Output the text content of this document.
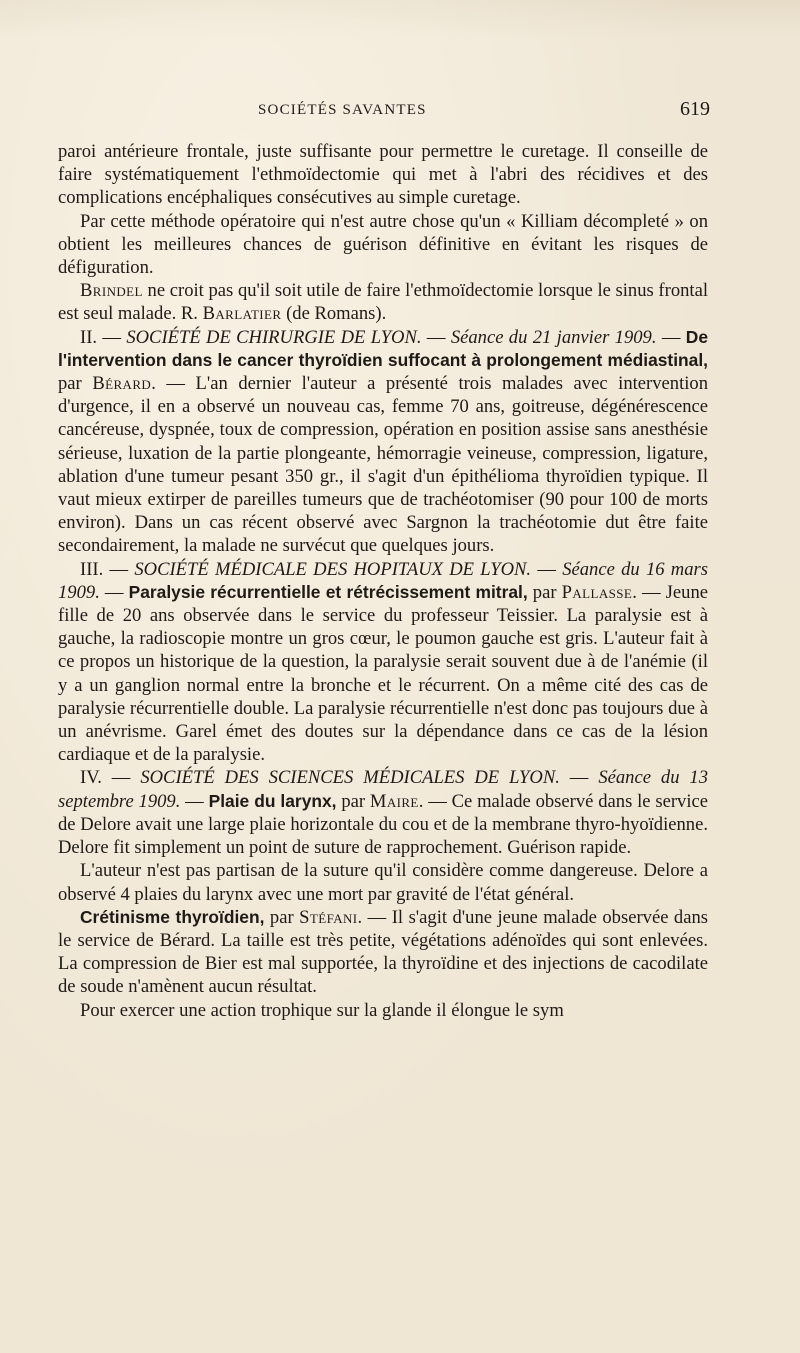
SOCIÉTÉS SAVANTES	619

paroi antérieure frontale, juste suffisante pour permettre le curetage. Il conseille de faire systématiquement l'ethmoïdectomie qui met à l'abri des récidives et des complications encéphaliques consécutives au simple curetage.

Par cette méthode opératoire qui n'est autre chose qu'un « Killiam décompleté » on obtient les meilleures chances de guérison définitive en évitant les risques de défiguration.

Brindel ne croit pas qu'il soit utile de faire l'ethmoïdectomie lorsque le sinus frontal est seul malade. R. Barlatier (de Romans).

II. — SOCIÉTÉ DE CHIRURGIE DE LYON. — Séance du 21 janvier 1909. — De l'intervention dans le cancer thyroïdien suffocant à prolongement médiastinal, par Bérard. — L'an dernier l'auteur a présenté trois malades avec intervention d'urgence, il en a observé un nouveau cas, femme 70 ans, goitreuse, dégénérescence cancéreuse, dyspnée, toux de compression, opération en position assise sans anesthésie sérieuse, luxation de la partie plongeante, hémorragie veineuse, compression, ligature, ablation d'une tumeur pesant 350 gr., il s'agit d'un épithélioma thyroïdien typique. Il vaut mieux extirper de pareilles tumeurs que de trachéotomiser (90 pour 100 de morts environ). Dans un cas récent observé avec Sargnon la trachéotomie dut être faite secondairement, la malade ne survécut que quelques jours.

III. — SOCIÉTÉ MÉDICALE DES HOPITAUX DE LYON. — Séance du 16 mars 1909. — Paralysie récurrentielle et rétrécissement mitral, par Pallasse. — Jeune fille de 20 ans observée dans le service du professeur Teissier. La paralysie est à gauche, la radioscopie montre un gros cœur, le poumon gauche est gris. L'auteur fait à ce propos un historique de la question, la paralysie serait souvent due à de l'anémie (il y a un ganglion normal entre la bronche et le récurrent. On a même cité des cas de paralysie récurrentielle double. La paralysie récurrentielle n'est donc pas toujours due à un anévrisme. Garel émet des doutes sur la dépendance dans ce cas de la lésion cardiaque et de la paralysie.

IV. — SOCIÉTÉ DES SCIENCES MÉDICALES DE LYON. — Séance du 13 septembre 1909. — Plaie du larynx, par Maire. — Ce malade observé dans le service de Delore avait une large plaie horizontale du cou et de la membrane thyro-hyoïdienne. Delore fit simplement un point de suture de rapprochement. Guérison rapide.

L'auteur n'est pas partisan de la suture qu'il considère comme dangereuse. Delore a observé 4 plaies du larynx avec une mort par gravité de l'état général.

Crétinisme thyroïdien, par Stéfani. — Il s'agit d'une jeune malade observée dans le service de Bérard. La taille est très petite, végétations adénoïdes qui sont enlevées. La compression de Bier est mal supportée, la thyroïdine et des injections de cacodilate de soude n'amènent aucun résultat.

Pour exercer une action trophique sur la glande il élongue le sym
